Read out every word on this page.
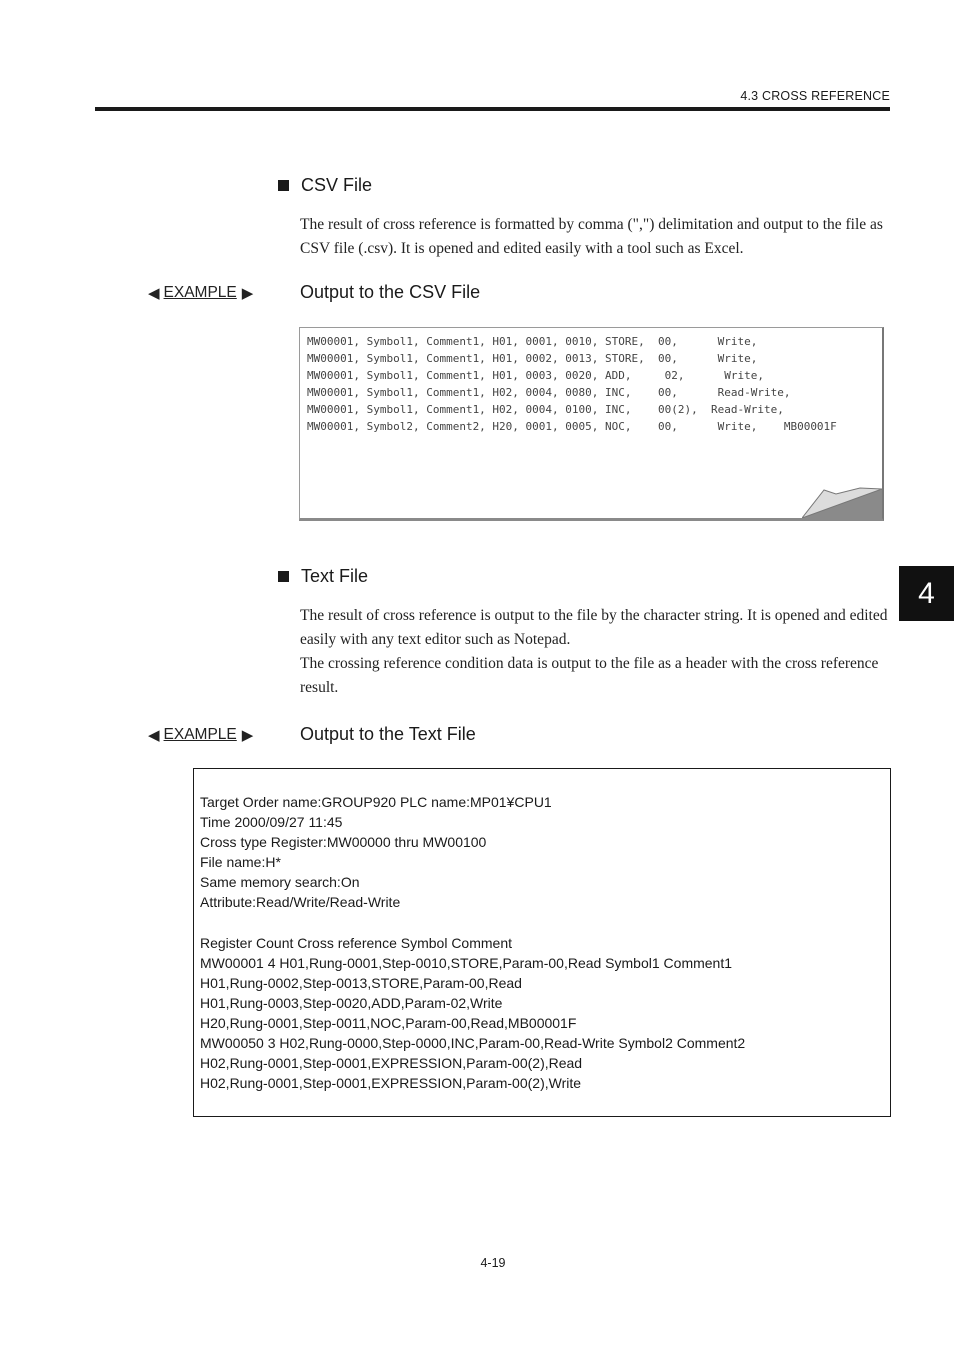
4.3 CROSS REFERENCE
4
CSV File

The result of cross reference is formatted by comma (",") delimitation and output to the file as CSV file (.csv). It is opened and edited easily with a tool such as Excel.

◀ EXAMPLE ▶	Output to the CSV File
MW00001, Symbol1, Comment1, H01, 0001, 0010, STORE,  00,      Write,
MW00001, Symbol1, Comment1, H01, 0002, 0013, STORE,  00,      Write,
MW00001, Symbol1, Comment1, H01, 0003, 0020, ADD,     02,      Write,
MW00001, Symbol1, Comment1, H02, 0004, 0080, INC,    00,      Read-Write,
MW00001, Symbol1, Comment1, H02, 0004, 0100, INC,    00(2),  Read-Write,
MW00001, Symbol2, Comment2, H20, 0001, 0005, NOC,    00,      Write,    MB00001F
Text File

The result of cross reference is output to the file by the character string. It is opened and edited easily with any text editor such as Notepad.

The crossing reference condition data is output to the file as a header with the cross reference result.

◀ EXAMPLE ▶	Output to the Text File
Target Order name:GROUP920 PLC name:MP01¥CPU1
Time 2000/09/27 11:45
Cross type Register:MW00000 thru MW00100
File name:H*
Same memory search:On
Attribute:Read/Write/Read-Write
Register Count Cross reference Symbol Comment
MW00001 4 H01,Rung-0001,Step-0010,STORE,Param-00,Read Symbol1 Comment1
H01,Rung-0002,Step-0013,STORE,Param-00,Read
H01,Rung-0003,Step-0020,ADD,Param-02,Write
H20,Rung-0001,Step-0011,NOC,Param-00,Read,MB00001F
MW00050 3 H02,Rung-0000,Step-0000,INC,Param-00,Read-Write Symbol2 Comment2
H02,Rung-0001,Step-0001,EXPRESSION,Param-00(2),Read
H02,Rung-0001,Step-0001,EXPRESSION,Param-00(2),Write
4-19
